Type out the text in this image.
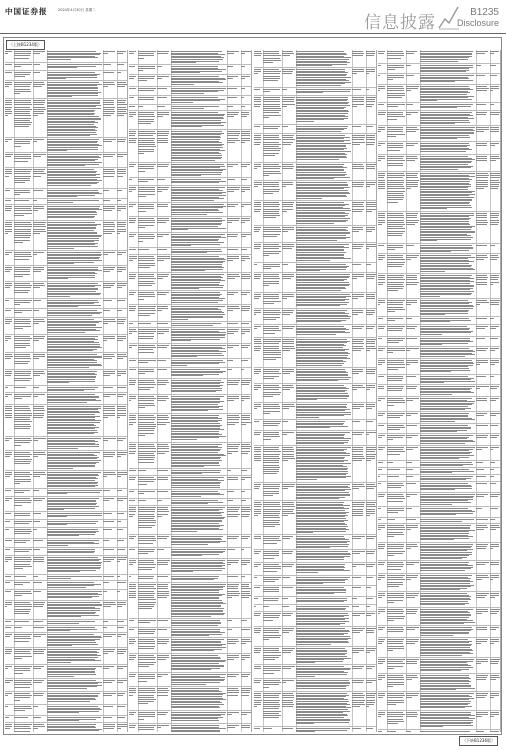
中国证券报	2024年4月30日 星期二
信息披露
B1235
Disclosure
（上接B1234版）
（下转B1236版）
